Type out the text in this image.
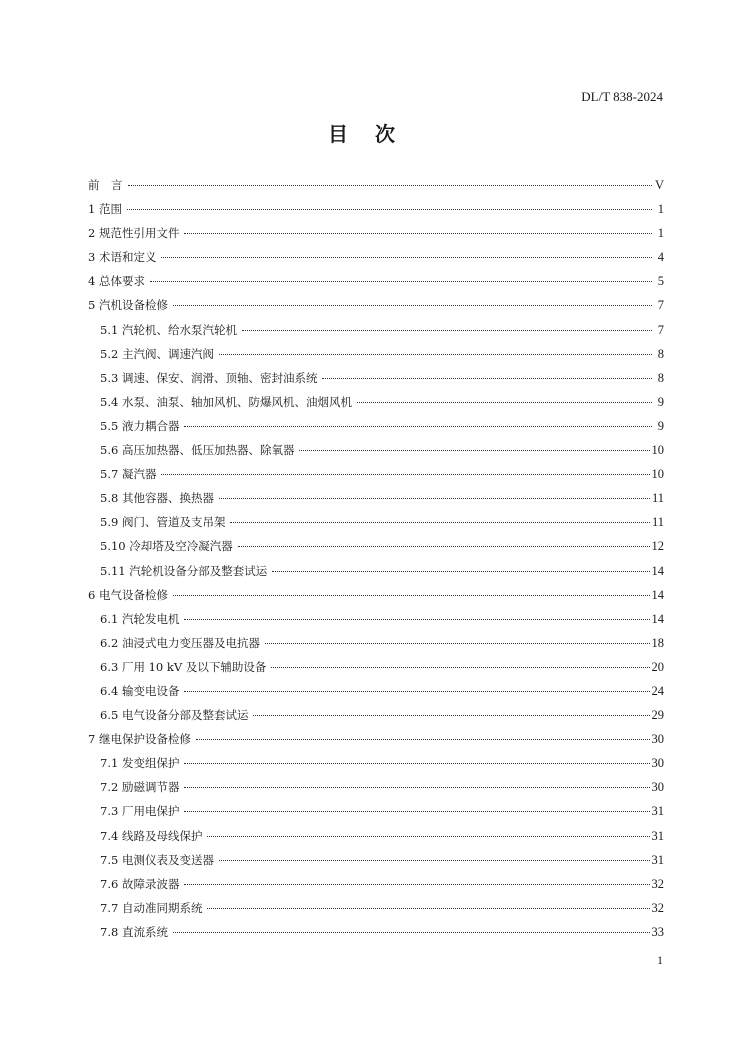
DL/T 838-2024
目 次
前　言	V
1 范围	1
2 规范性引用文件	1
3 术语和定义	4
4 总体要求	5
5 汽机设备检修	7
5.1 汽轮机、给水泵汽轮机	7
5.2 主汽阀、调速汽阀	8
5.3 调速、保安、润滑、顶轴、密封油系统	8
5.4 水泵、油泵、轴加风机、防爆风机、油烟风机	9
5.5 液力耦合器	9
5.6 高压加热器、低压加热器、除氧器	10
5.7 凝汽器	10
5.8 其他容器、换热器	11
5.9 阀门、管道及支吊架	11
5.10 冷却塔及空冷凝汽器	12
5.11 汽轮机设备分部及整套试运	14
6 电气设备检修	14
6.1 汽轮发电机	14
6.2 油浸式电力变压器及电抗器	18
6.3 厂用 10 kV 及以下辅助设备	20
6.4 输变电设备	24
6.5 电气设备分部及整套试运	29
7 继电保护设备检修	30
7.1 发变组保护	30
7.2 励磁调节器	30
7.3 厂用电保护	31
7.4 线路及母线保护	31
7.5 电测仪表及变送器	31
7.6 故障录波器	32
7.7 自动准同期系统	32
7.8 直流系统	33
1
